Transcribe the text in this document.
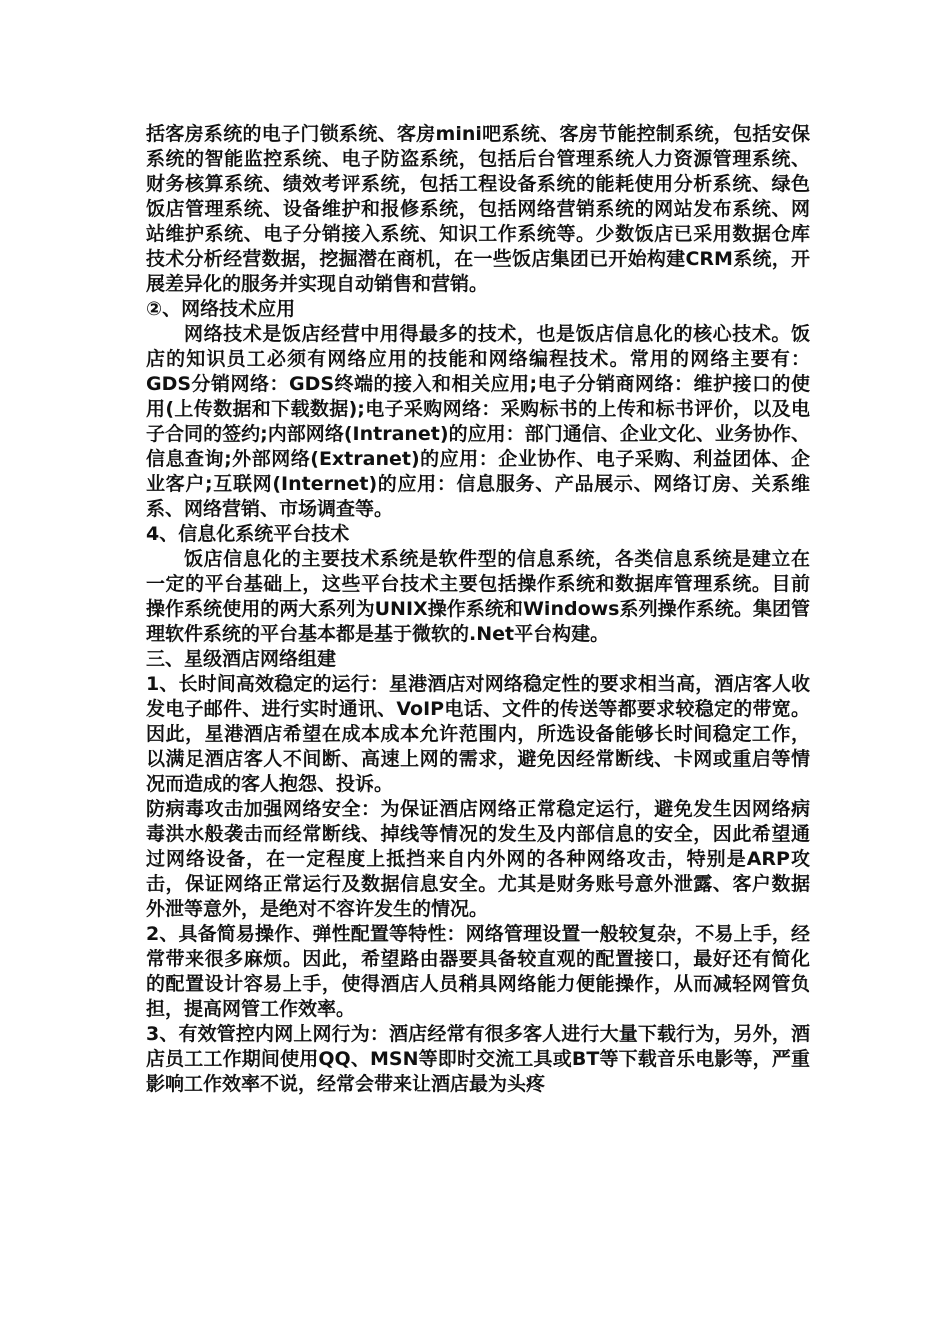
括客房系统的电子门锁系统、客房mini吧系统、客房节能控制系统，包括安保系统的智能监控系统、电子防盗系统，包括后台管理系统人力资源管理系统、财务核算系统、绩效考评系统，包括工程设备系统的能耗使用分析系统、绿色饭店管理系统、设备维护和报修系统，包括网络营销系统的网站发布系统、网站维护系统、电子分销接入系统、知识工作系统等。少数饭店已采用数据仓库技术分析经营数据，挖掘潜在商机，在一些饭店集团已开始构建CRM系统，开展差异化的服务并实现自动销售和营销。

②、网络技术应用

网络技术是饭店经营中用得最多的技术，也是饭店信息化的核心技术。饭店的知识员工必须有网络应用的技能和网络编程技术。常用的网络主要有：GDS分销网络：GDS终端的接入和相关应用;电子分销商网络：维护接口的使用(上传数据和下载数据);电子采购网络：采购标书的上传和标书评价，以及电子合同的签约;内部网络(Intranet)的应用：部门通信、企业文化、业务协作、信息查询;外部网络(Extranet)的应用：企业协作、电子采购、利益团体、企业客户;互联网(Internet)的应用：信息服务、产品展示、网络订房、关系维系、网络营销、市场调查等。

4、信息化系统平台技术

饭店信息化的主要技术系统是软件型的信息系统，各类信息系统是建立在一定的平台基础上，这些平台技术主要包括操作系统和数据库管理系统。目前操作系统使用的两大系列为UNIX操作系统和Windows系列操作系统。集团管理软件系统的平台基本都是基于微软的.Net平台构建。

三、星级酒店网络组建

1、长时间高效稳定的运行：星港酒店对网络稳定性的要求相当高，酒店客人收发电子邮件、进行实时通讯、VoIP电话、文件的传送等都要求较稳定的带宽。因此，星港酒店希望在成本成本允许范围内，所选设备能够长时间稳定工作，以满足酒店客人不间断、高速上网的需求，避免因经常断线、卡网或重启等情况而造成的客人抱怨、投诉。

防病毒攻击加强网络安全：为保证酒店网络正常稳定运行，避免发生因网络病毒洪水般袭击而经常断线、掉线等情况的发生及内部信息的安全，因此希望通过网络设备，在一定程度上抵挡来自内外网的各种网络攻击，特别是ARP攻击，保证网络正常运行及数据信息安全。尤其是财务账号意外泄露、客户数据外泄等意外，是绝对不容许发生的情况。

2、具备简易操作、弹性配置等特性：网络管理设置一般较复杂，不易上手，经常带来很多麻烦。因此，希望路由器要具备较直观的配置接口，最好还有简化的配置设计容易上手，使得酒店人员稍具网络能力便能操作，从而减轻网管负担，提高网管工作效率。

3、有效管控内网上网行为：酒店经常有很多客人进行大量下载行为，另外，酒店员工工作期间使用QQ、MSN等即时交流工具或BT等下载音乐电影等，严重影响工作效率不说，经常会带来让酒店最为头疼
